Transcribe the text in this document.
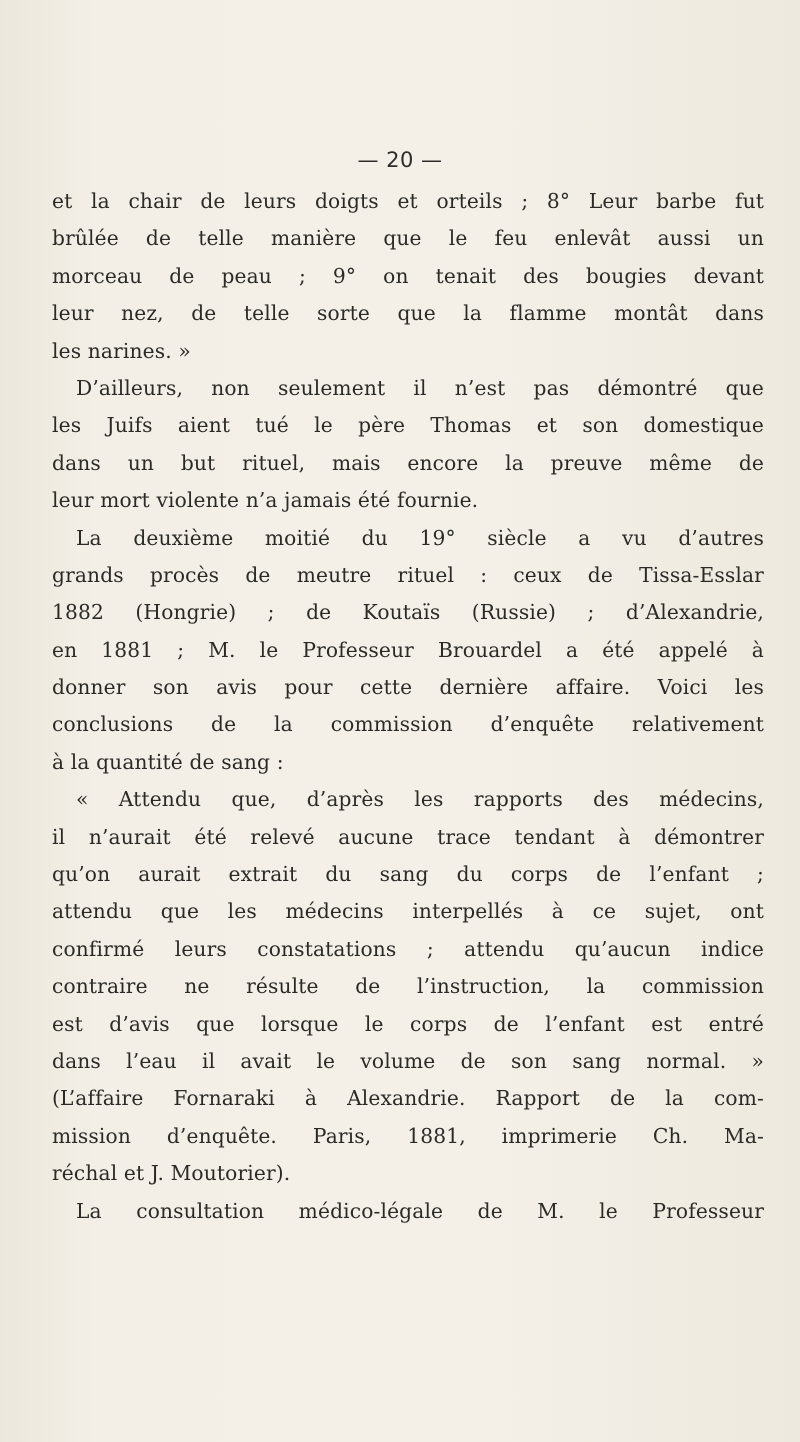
— 20 —
et la chair de leurs doigts et orteils ; 8° Leur barbe fut
brûlée de telle manière que le feu enlevât aussi un
morceau de peau ; 9° on tenait des bougies devant
leur nez, de telle sorte que la flamme montât dans
les narines. »
D’ailleurs, non seulement il n’est pas démontré que
les Juifs aient tué le père Thomas et son domestique
dans un but rituel, mais encore la preuve même de
leur mort violente n’a jamais été fournie.
La deuxième moitié du 19° siècle a vu d’autres
grands procès de meutre rituel : ceux de Tissa-Esslar
1882 (Hongrie) ; de Koutaïs (Russie) ; d’Alexandrie,
en 1881 ; M. le Professeur Brouardel a été appelé à
donner son avis pour cette dernière affaire. Voici les
conclusions de la commission d’enquête relativement
à la quantité de sang :
« Attendu que, d’après les rapports des médecins,
il n’aurait été relevé aucune trace tendant à démontrer
qu’on aurait extrait du sang du corps de l’enfant ;
attendu que les médecins interpellés à ce sujet, ont
confirmé leurs constatations ; attendu qu’aucun indice
contraire ne résulte de l’instruction, la commission
est d’avis que lorsque le corps de l’enfant est entré
dans l’eau il avait le volume de son sang normal. »
(L’affaire Fornaraki à Alexandrie. Rapport de la com-
mission d’enquête. Paris, 1881, imprimerie Ch. Ma-
réchal et J. Moutorier).
La consultation médico-légale de M. le Professeur
